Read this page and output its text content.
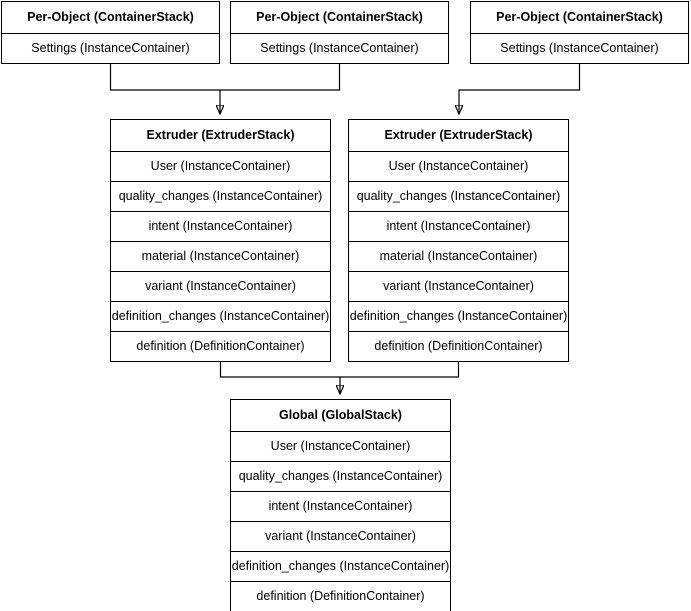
Per-Object (ContainerStack)
Settings (InstanceContainer)
Per-Object (ContainerStack)
Settings (InstanceContainer)
Per-Object (ContainerStack)
Settings (InstanceContainer)
Extruder (ExtruderStack)
User (InstanceContainer)
quality_changes (InstanceContainer)
intent (InstanceContainer)
material (InstanceContainer)
variant (InstanceContainer)
definition_changes (InstanceContainer)
definition (DefinitionContainer)
Extruder (ExtruderStack)
User (InstanceContainer)
quality_changes (InstanceContainer)
intent (InstanceContainer)
material (InstanceContainer)
variant (InstanceContainer)
definition_changes (InstanceContainer)
definition (DefinitionContainer)
Global (GlobalStack)
User (InstanceContainer)
quality_changes (InstanceContainer)
intent (InstanceContainer)
variant (InstanceContainer)
definition_changes (InstanceContainer)
definition (DefinitionContainer)
